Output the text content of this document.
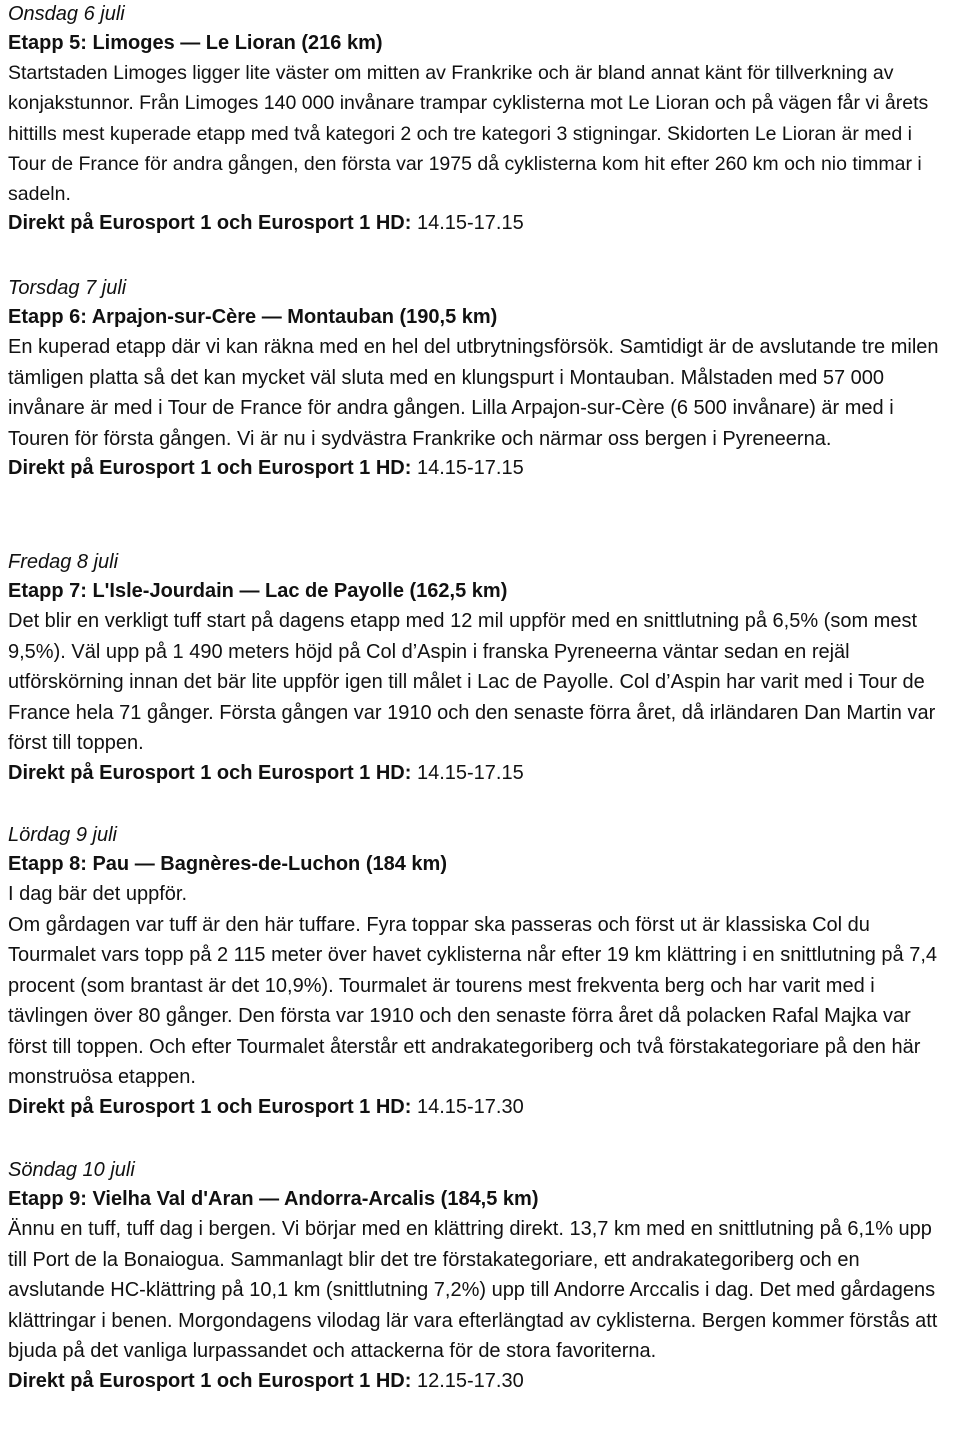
Onsdag 6 juli

Etapp 5: Limoges — Le Lioran (216 km)

Startstaden Limoges ligger lite väster om mitten av Frankrike och är bland annat känt för tillverkning av konjakstunnor. Från Limoges 140 000 invånare trampar cyklisterna mot Le Lioran och på vägen får vi årets hittills mest kuperade etapp med två kategori 2 och tre kategori 3 stigningar. Skidorten Le Lioran är med i Tour de France för andra gången, den första var 1975 då cyklisterna kom hit efter 260 km och nio timmar i sadeln.

Direkt på Eurosport 1 och Eurosport 1 HD: 14.15-17.15

Torsdag 7 juli

Etapp 6: Arpajon-sur-Cère — Montauban (190,5 km)

En kuperad etapp där vi kan räkna med en hel del utbrytningsförsök. Samtidigt är de avslutande tre milen tämligen platta så det kan mycket väl sluta med en klungspurt i Montauban. Målstaden med 57 000 invånare är med i Tour de France för andra gången. Lilla Arpajon-sur-Cère (6 500 invånare) är med i Touren för första gången. Vi är nu i sydvästra Frankrike och närmar oss bergen i Pyreneerna.

Direkt på Eurosport 1 och Eurosport 1 HD: 14.15-17.15

Fredag 8 juli

Etapp 7: L'Isle-Jourdain — Lac de Payolle (162,5 km)

Det blir en verkligt tuff start på dagens etapp med 12 mil uppför med en snittlutning på 6,5% (som mest 9,5%). Väl upp på 1 490 meters höjd på Col d’Aspin i franska Pyreneerna väntar sedan en rejäl utförskörning innan det bär lite uppför igen till målet i Lac de Payolle. Col d’Aspin har varit med i Tour de France hela 71 gånger. Första gången var 1910 och den senaste förra året, då irländaren Dan Martin var först till toppen.

Direkt på Eurosport 1 och Eurosport 1 HD: 14.15-17.15

Lördag 9 juli

Etapp 8: Pau — Bagnères-de-Luchon (184 km)

I dag bär det uppför.

Om gårdagen var tuff är den här tuffare. Fyra toppar ska passeras och först ut är klassiska Col du Tourmalet vars topp på 2 115 meter över havet cyklisterna når efter 19 km klättring i en snittlutning på 7,4 procent (som brantast är det 10,9%). Tourmalet är tourens mest frekventa berg och har varit med i tävlingen över 80 gånger. Den första var 1910 och den senaste förra året då polacken Rafal Majka var först till toppen. Och efter Tourmalet återstår ett andrakategoriberg och två förstakategoriare på den här monstruösa etappen.

Direkt på Eurosport 1 och Eurosport 1 HD: 14.15-17.30

Söndag 10 juli

Etapp 9: Vielha Val d'Aran — Andorra-Arcalis (184,5 km)

Ännu en tuff, tuff dag i bergen. Vi börjar med en klättring direkt. 13,7 km med en snittlutning på 6,1% upp till Port de la Bonaiogua. Sammanlagt blir det tre förstakategoriare, ett andrakategoriberg och en avslutande HC-klättring på 10,1 km (snittlutning 7,2%) upp till Andorre Arccalis i dag. Det med gårdagens klättringar i benen. Morgondagens vilodag lär vara efterlängtad av cyklisterna. Bergen kommer förstås att bjuda på det vanliga lurpassandet och attackerna för de stora favoriterna.

Direkt på Eurosport 1 och Eurosport 1 HD: 12.15-17.30
